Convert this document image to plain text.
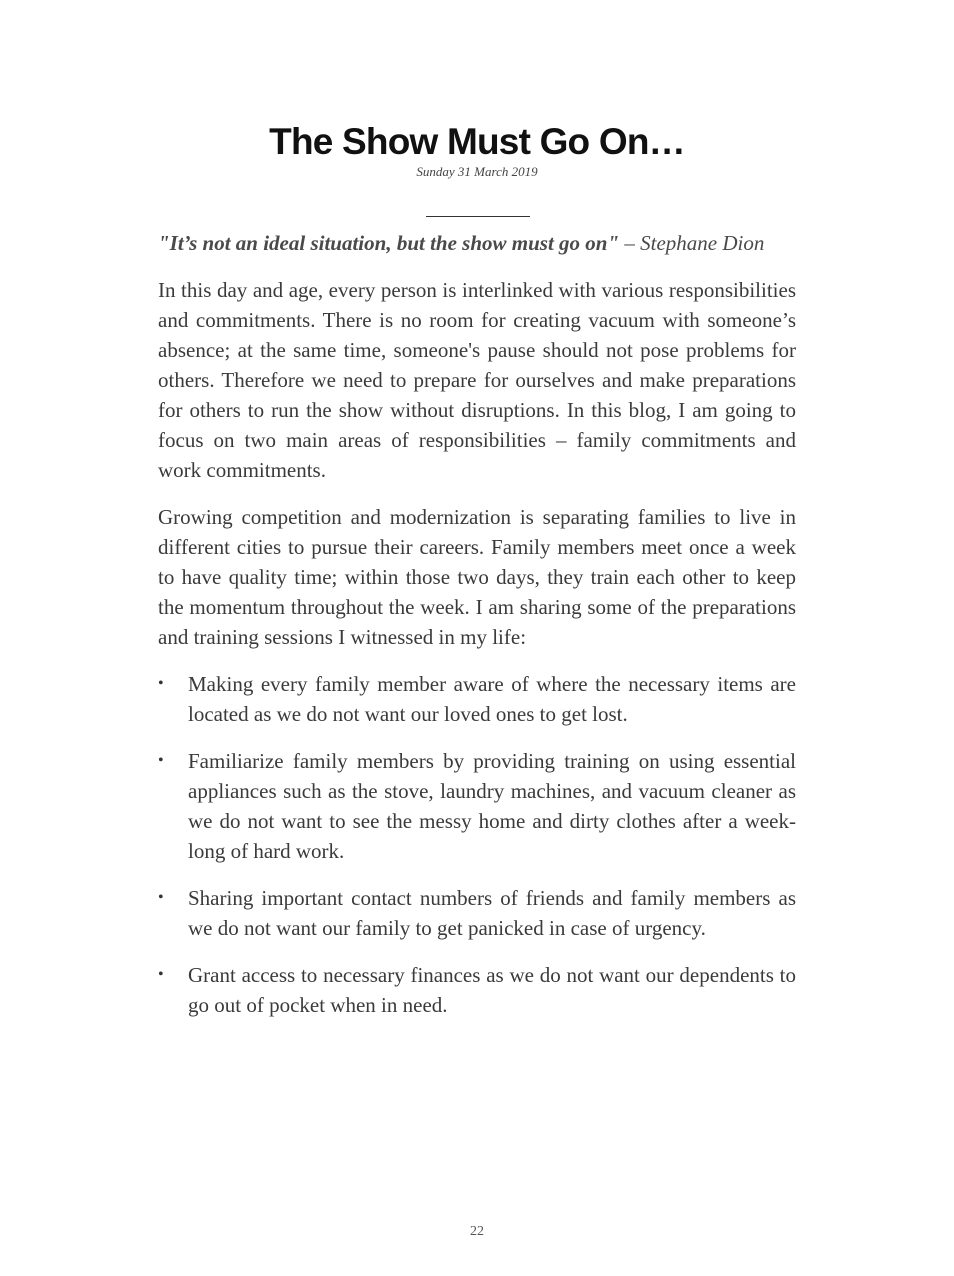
The Show Must Go On…
Sunday 31 March 2019

"It’s not an ideal situation, but the show must go on" – Stephane Dion

In this day and age, every person is interlinked with various responsibilities and commitments. There is no room for creating vacuum with someone’s absence; at the same time, someone's pause should not pose problems for others. Therefore we need to prepare for ourselves and make preparations for others to run the show without disruptions. In this blog, I am going to focus on two main areas of responsibilities – family commitments and work commitments.

Growing competition and modernization is separating families to live in different cities to pursue their careers. Family members meet once a week to have quality time; within those two days, they train each other to keep the momentum throughout the week. I am sharing some of the preparations and training sessions I witnessed in my life:

• Making every family member aware of where the necessary items are located as we do not want our loved ones to get lost.
• Familiarize family members by providing training on using essential appliances such as the stove, laundry machines, and vacuum cleaner as we do not want to see the messy home and dirty clothes after a week-long of hard work.
• Sharing important contact numbers of friends and family members as we do not want our family to get panicked in case of urgency.
• Grant access to necessary finances as we do not want our dependents to go out of pocket when in need.
22
